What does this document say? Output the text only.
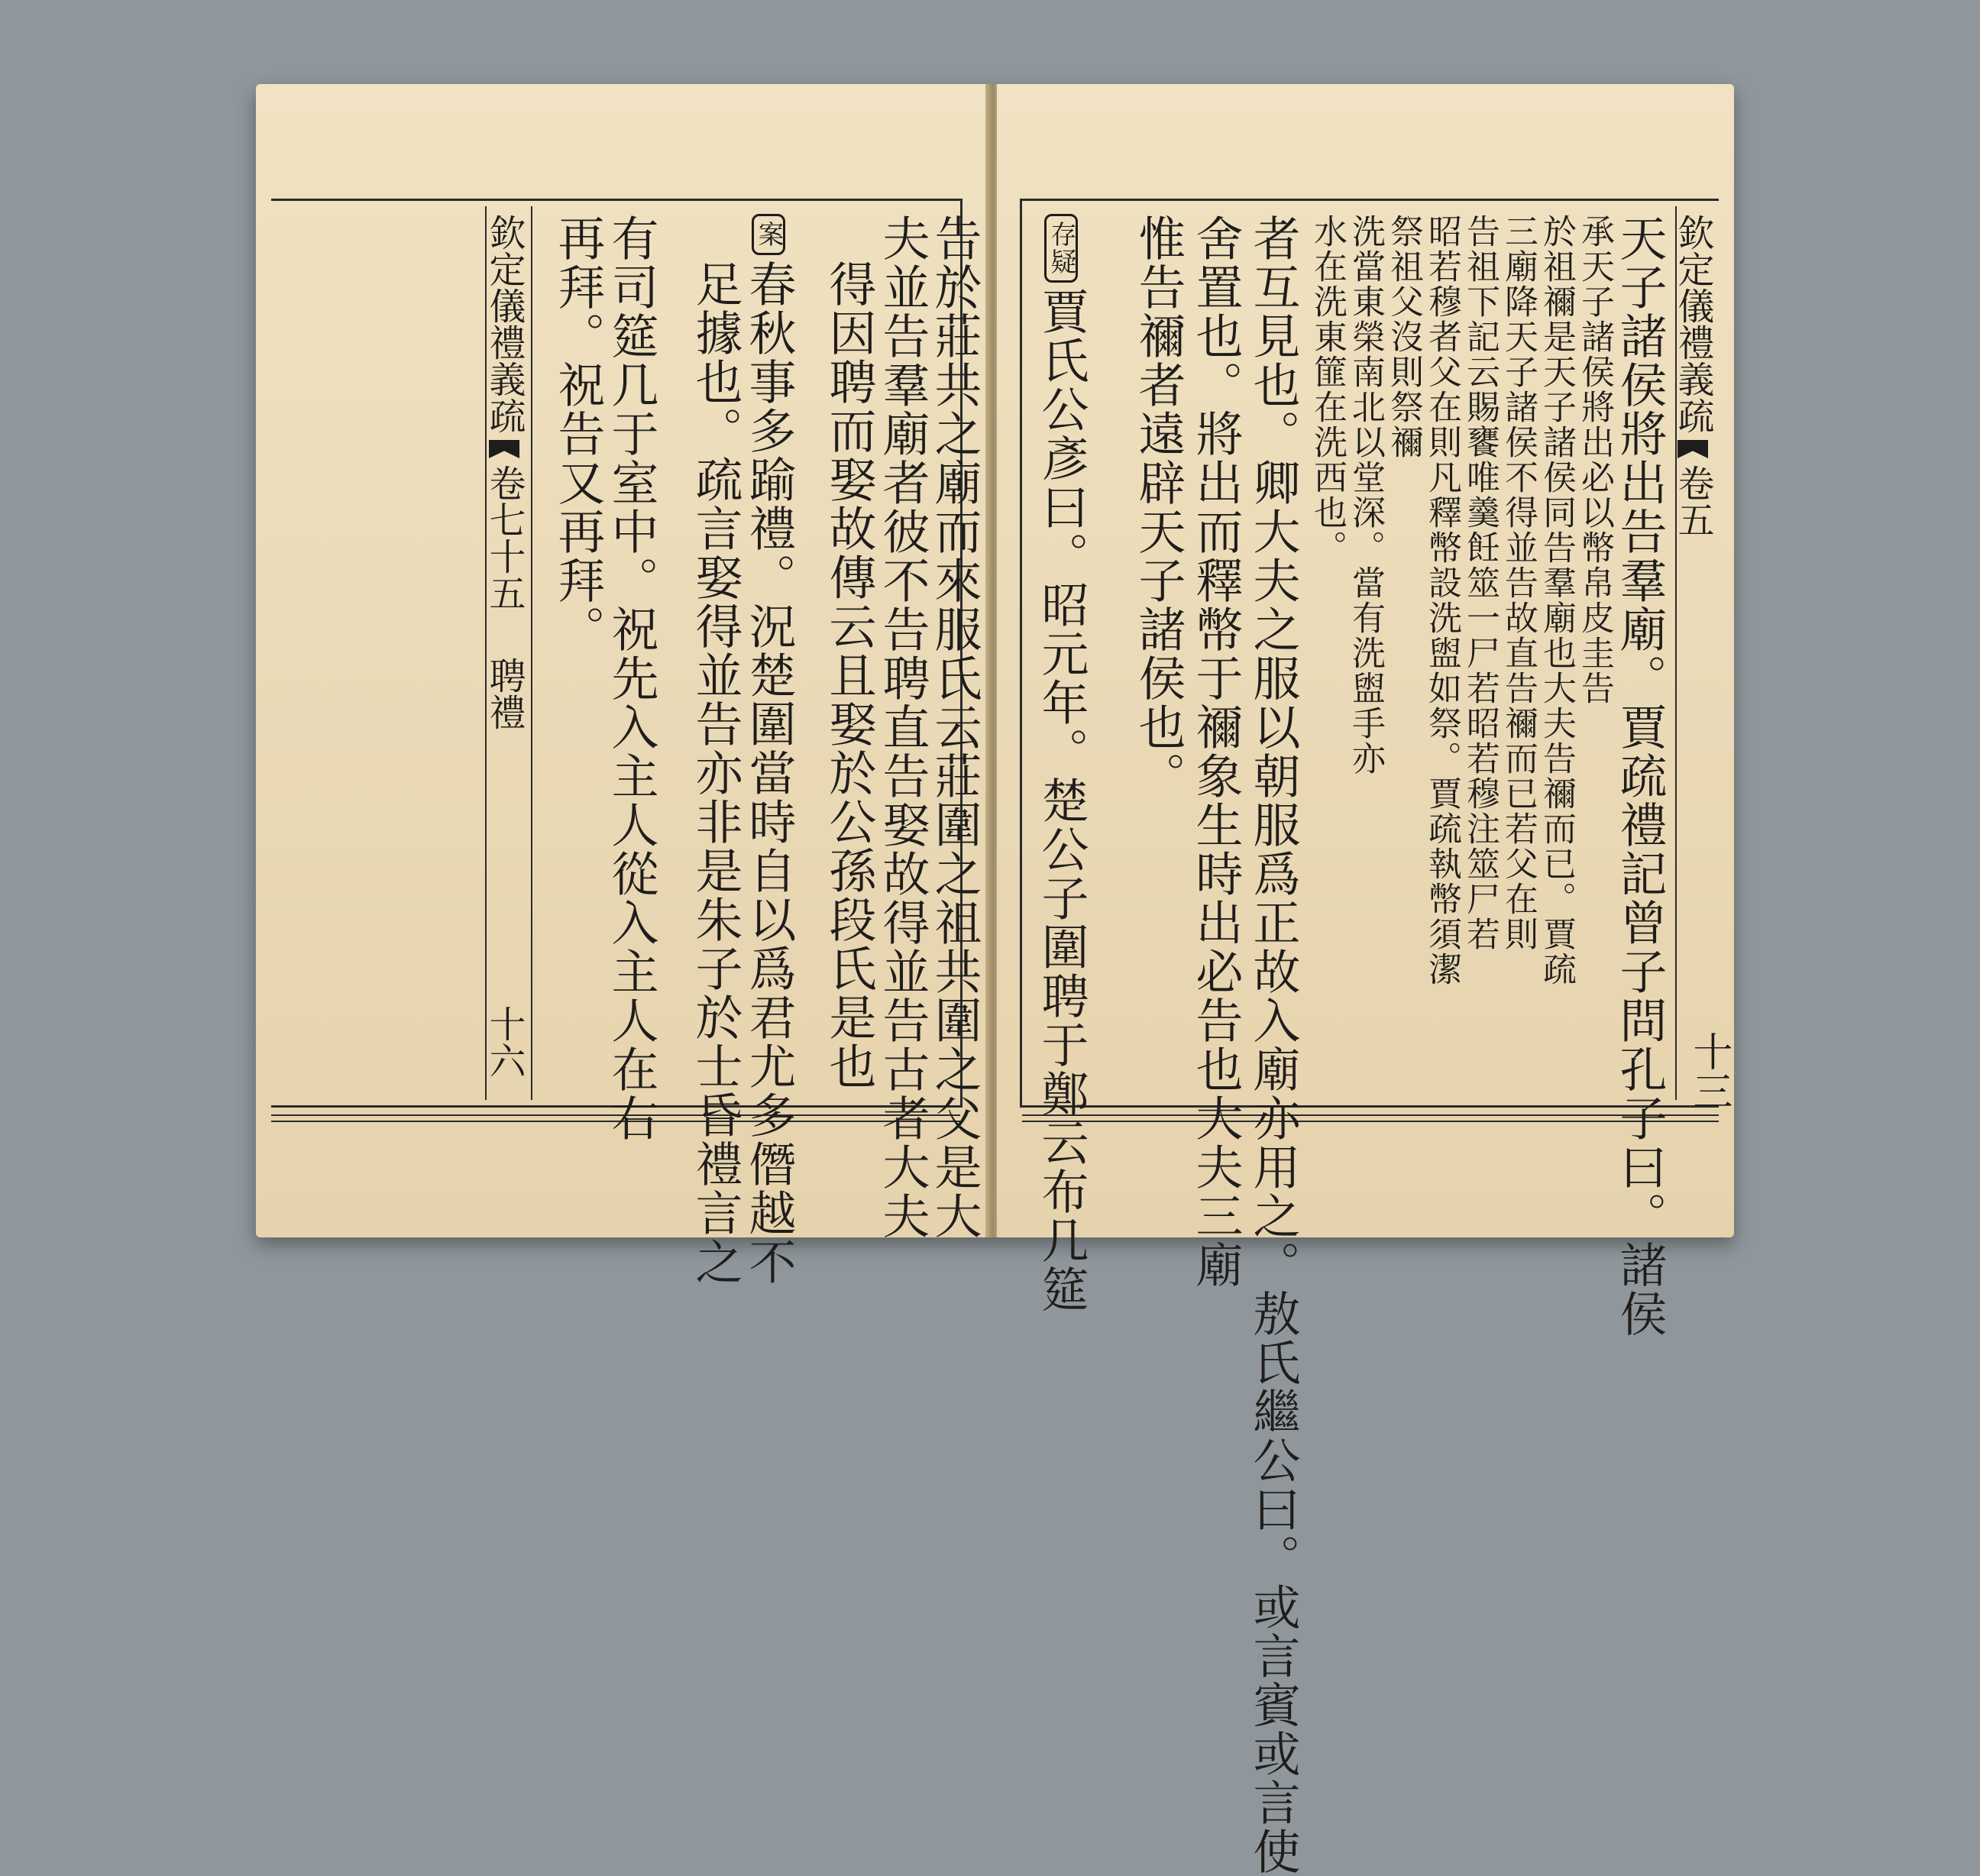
欽定儀禮義疏卷七十五聘禮十六
再拜。祝告又再拜。
有司筵几于室中。祝先入主人從入主人在右 足據也。疏言娶得並告亦非是朱子於士昏禮言之
案春秋事多踰禮。況楚圍當時自以爲君尤多僭越不 得因聘而娶故傳云且娶於公孫段氏是也
夫並告羣廟者彼不告聘直告娶故得並告古者大夫
告於莊共之廟而來服氏云莊圍之祖共圍之父是大	存疑賈氏公彥曰。昭元年。楚公子圍聘于鄭云布几筵 惟告禰者遠辟天子諸侯也。 舍置也。將出而釋幣于禰象生時出必告也大夫三廟 者互見也。卿大夫之服以朝服爲正故入廟亦用之。敖氏繼公曰。或言賓或言使 水在洗東篚在洗西也。 洗當東榮南北以堂深。當有洗盥手亦 祭祖父沒則祭禰 昭若穆者父在則凡釋幣設洗盥如祭。賈疏執幣須潔 告祖下記云賜饔唯羹飪筮一尸若昭若穆注筮尸若 三廟降天子諸侯不得並告故直告禰而已若父在則 於祖禰是天子諸侯同告羣廟也大夫告禰而已。賈疏 承天子諸侯將出必以幣帛皮圭告
天子諸侯將出告羣廟。賈疏禮記曾子問孔子曰。諸侯 欽定儀禮義疏卷五
十三
